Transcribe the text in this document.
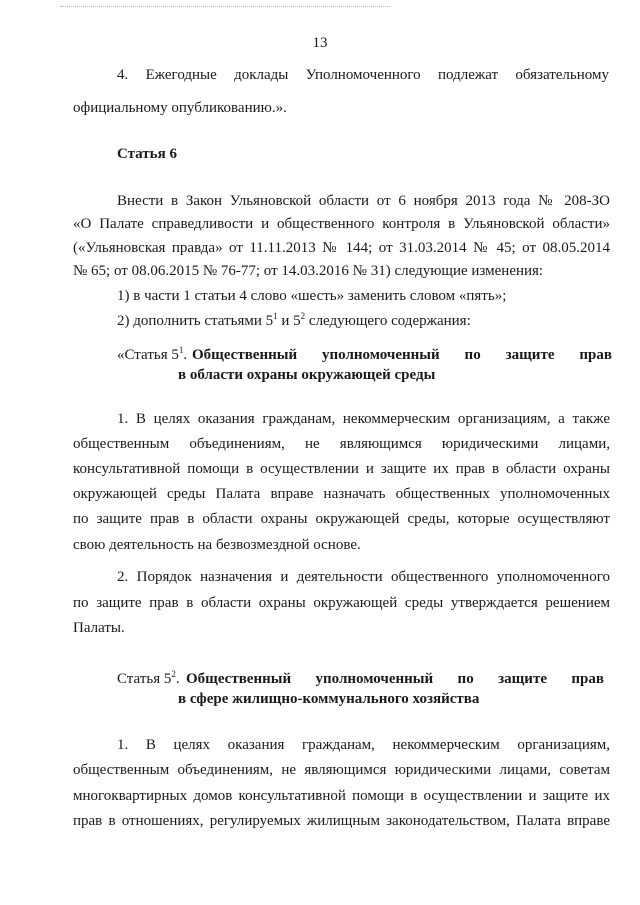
13
4. Ежегодные доклады Уполномоченного подлежат обязательному
официальному опубликованию.».
Статья 6
Внести в Закон Ульяновской области от 6 ноября 2013 года № 208-ЗО
«О Палате справедливости и общественного контроля в Ульяновской области»
(«Ульяновская правда» от 11.11.2013 № 144; от 31.03.2014 № 45; от 08.05.2014
№ 65; от 08.06.2015 № 76-77; от 14.03.2016 № 31) следующие изменения:
1) в части 1 статьи 4 слово «шесть» заменить словом «пять»;
2) дополнить статьями $5^1$ и $5^2$ следующего содержания:
«Статья $5^1$. Общественный уполномоченный по защите прав
в области охраны окружающей среды
1. В целях оказания гражданам, некоммерческим организациям, а также
общественным объединениям, не являющимся юридическими лицами,
консультативной помощи в осуществлении и защите их прав в области охраны
окружающей среды Палата вправе назначать общественных уполномоченных
по защите прав в области охраны окружающей среды, которые осуществляют
свою деятельность на безвозмездной основе.
2. Порядок назначения и деятельности общественного уполномоченного
по защите прав в области охраны окружающей среды утверждается решением
Палаты.
Статья $5^2$. Общественный уполномоченный по защите прав
в сфере жилищно-коммунального хозяйства
1. В целях оказания гражданам, некоммерческим организациям,
общественным объединениям, не являющимся юридическими лицами, советам
многоквартирных домов консультативной помощи в осуществлении и защите их
прав в отношениях, регулируемых жилищным законодательством, Палата вправе
